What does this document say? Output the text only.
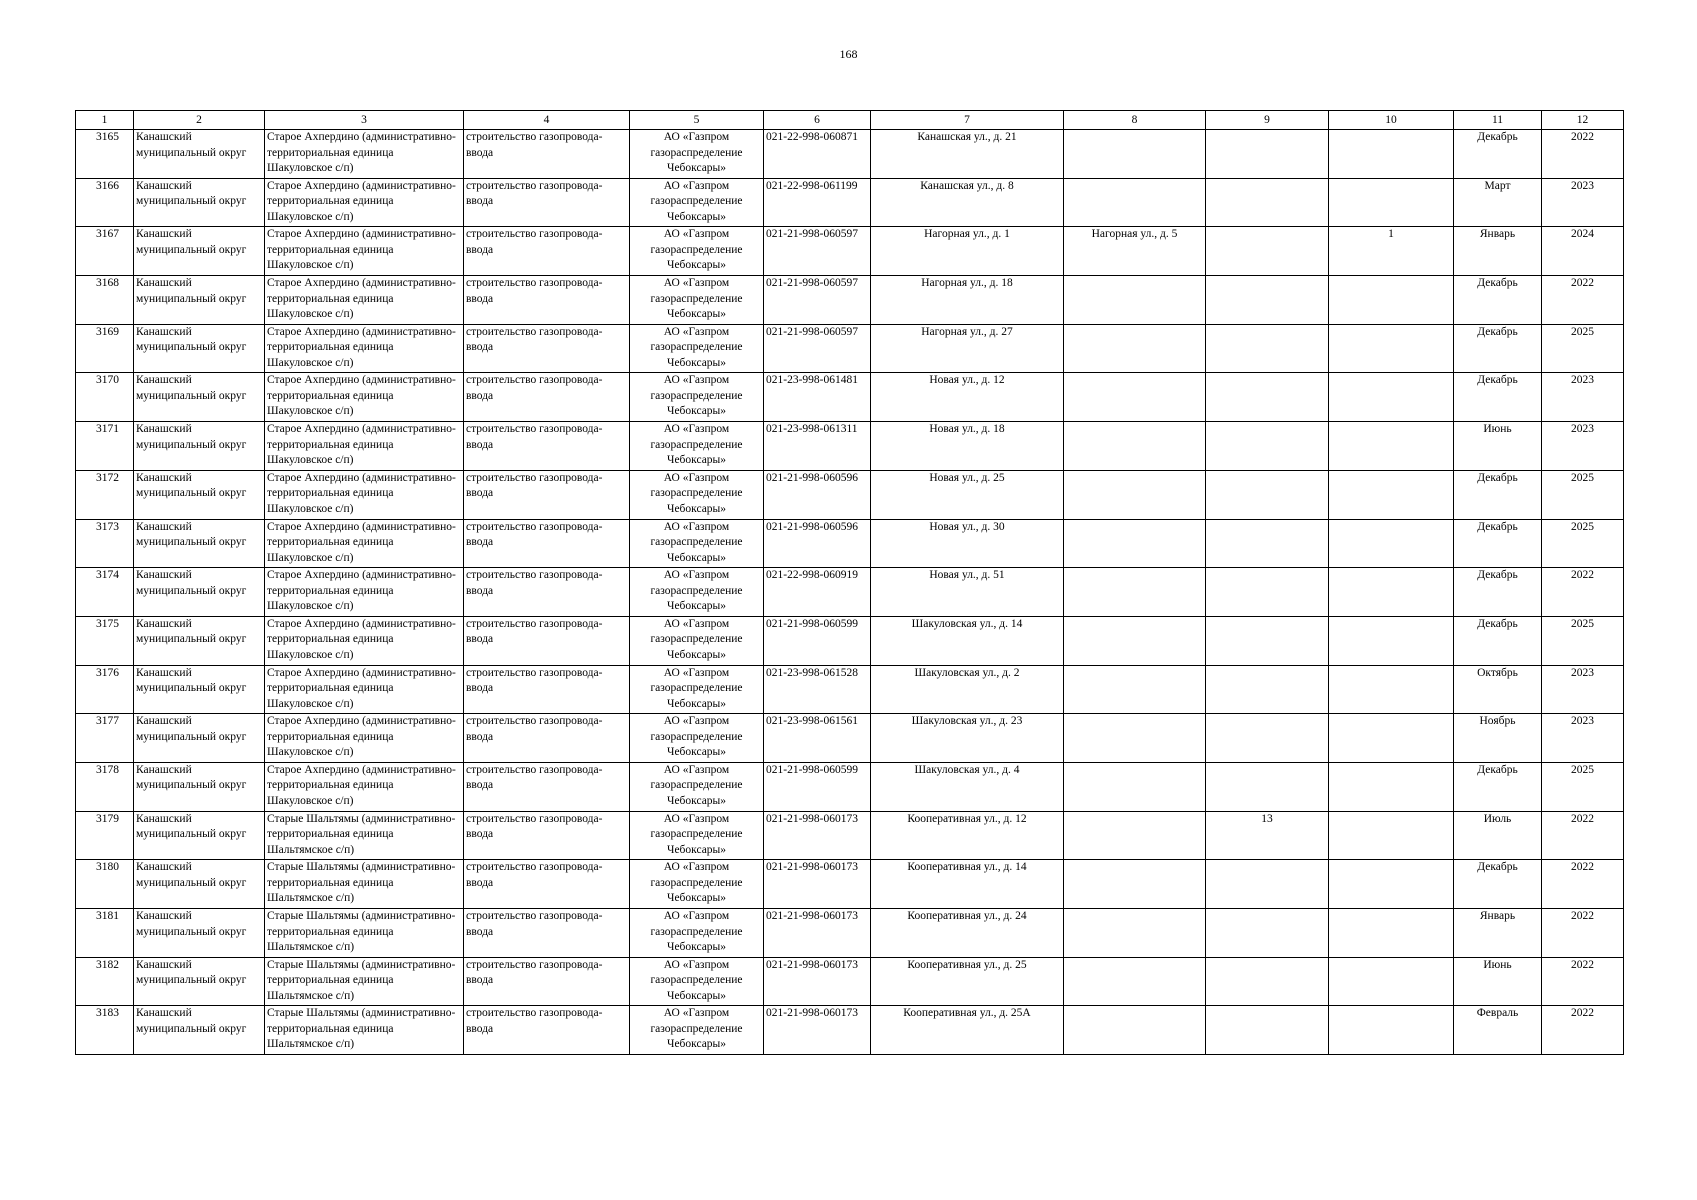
168
1	2	3	4	5	6	7	8	9	10	11	12
3165	Канашский муниципальный округ	Старое Ахпердино (административно-территориальная единица Шакуловское с/п)	строительство газопровода-ввода	АО «Газпром газораспределение Чебоксары»	021-22-998-060871	Канашская ул., д. 21				Декабрь	2022
3166	Канашский муниципальный округ	Старое Ахпердино (административно-территориальная единица Шакуловское с/п)	строительство газопровода-ввода	АО «Газпром газораспределение Чебоксары»	021-22-998-061199	Канашская ул., д. 8				Март	2023
3167	Канашский муниципальный округ	Старое Ахпердино (административно-территориальная единица Шакуловское с/п)	строительство газопровода-ввода	АО «Газпром газораспределение Чебоксары»	021-21-998-060597	Нагорная ул., д. 1	Нагорная ул., д. 5		1	Январь	2024
3168	Канашский муниципальный округ	Старое Ахпердино (административно-территориальная единица Шакуловское с/п)	строительство газопровода-ввода	АО «Газпром газораспределение Чебоксары»	021-21-998-060597	Нагорная ул., д. 18				Декабрь	2022
3169	Канашский муниципальный округ	Старое Ахпердино (административно-территориальная единица Шакуловское с/п)	строительство газопровода-ввода	АО «Газпром газораспределение Чебоксары»	021-21-998-060597	Нагорная ул., д. 27				Декабрь	2025
3170	Канашский муниципальный округ	Старое Ахпердино (административно-территориальная единица Шакуловское с/п)	строительство газопровода-ввода	АО «Газпром газораспределение Чебоксары»	021-23-998-061481	Новая ул., д. 12				Декабрь	2023
3171	Канашский муниципальный округ	Старое Ахпердино (административно-территориальная единица Шакуловское с/п)	строительство газопровода-ввода	АО «Газпром газораспределение Чебоксары»	021-23-998-061311	Новая ул., д. 18				Июнь	2023
3172	Канашский муниципальный округ	Старое Ахпердино (административно-территориальная единица Шакуловское с/п)	строительство газопровода-ввода	АО «Газпром газораспределение Чебоксары»	021-21-998-060596	Новая ул., д. 25				Декабрь	2025
3173	Канашский муниципальный округ	Старое Ахпердино (административно-территориальная единица Шакуловское с/п)	строительство газопровода-ввода	АО «Газпром газораспределение Чебоксары»	021-21-998-060596	Новая ул., д. 30				Декабрь	2025
3174	Канашский муниципальный округ	Старое Ахпердино (административно-территориальная единица Шакуловское с/п)	строительство газопровода-ввода	АО «Газпром газораспределение Чебоксары»	021-22-998-060919	Новая ул., д. 51				Декабрь	2022
3175	Канашский муниципальный округ	Старое Ахпердино (административно-территориальная единица Шакуловское с/п)	строительство газопровода-ввода	АО «Газпром газораспределение Чебоксары»	021-21-998-060599	Шакуловская ул., д. 14				Декабрь	2025
3176	Канашский муниципальный округ	Старое Ахпердино (административно-территориальная единица Шакуловское с/п)	строительство газопровода-ввода	АО «Газпром газораспределение Чебоксары»	021-23-998-061528	Шакуловская ул., д. 2				Октябрь	2023
3177	Канашский муниципальный округ	Старое Ахпердино (административно-территориальная единица Шакуловское с/п)	строительство газопровода-ввода	АО «Газпром газораспределение Чебоксары»	021-23-998-061561	Шакуловская ул., д. 23				Ноябрь	2023
3178	Канашский муниципальный округ	Старое Ахпердино (административно-территориальная единица Шакуловское с/п)	строительство газопровода-ввода	АО «Газпром газораспределение Чебоксары»	021-21-998-060599	Шакуловская ул., д. 4				Декабрь	2025
3179	Канашский муниципальный округ	Старые Шальтямы (административно-территориальная единица Шальтямское с/п)	строительство газопровода-ввода	АО «Газпром газораспределение Чебоксары»	021-21-998-060173	Кооперативная ул., д. 12		13		Июль	2022
3180	Канашский муниципальный округ	Старые Шальтямы (административно-территориальная единица Шальтямское с/п)	строительство газопровода-ввода	АО «Газпром газораспределение Чебоксары»	021-21-998-060173	Кооперативная ул., д. 14				Декабрь	2022
3181	Канашский муниципальный округ	Старые Шальтямы (административно-территориальная единица Шальтямское с/п)	строительство газопровода-ввода	АО «Газпром газораспределение Чебоксары»	021-21-998-060173	Кооперативная ул., д. 24				Январь	2022
3182	Канашский муниципальный округ	Старые Шальтямы (административно-территориальная единица Шальтямское с/п)	строительство газопровода-ввода	АО «Газпром газораспределение Чебоксары»	021-21-998-060173	Кооперативная ул., д. 25				Июнь	2022
3183	Канашский муниципальный округ	Старые Шальтямы (административно-территориальная единица Шальтямское с/п)	строительство газопровода-ввода	АО «Газпром газораспределение Чебоксары»	021-21-998-060173	Кооперативная ул., д. 25А				Февраль	2022
